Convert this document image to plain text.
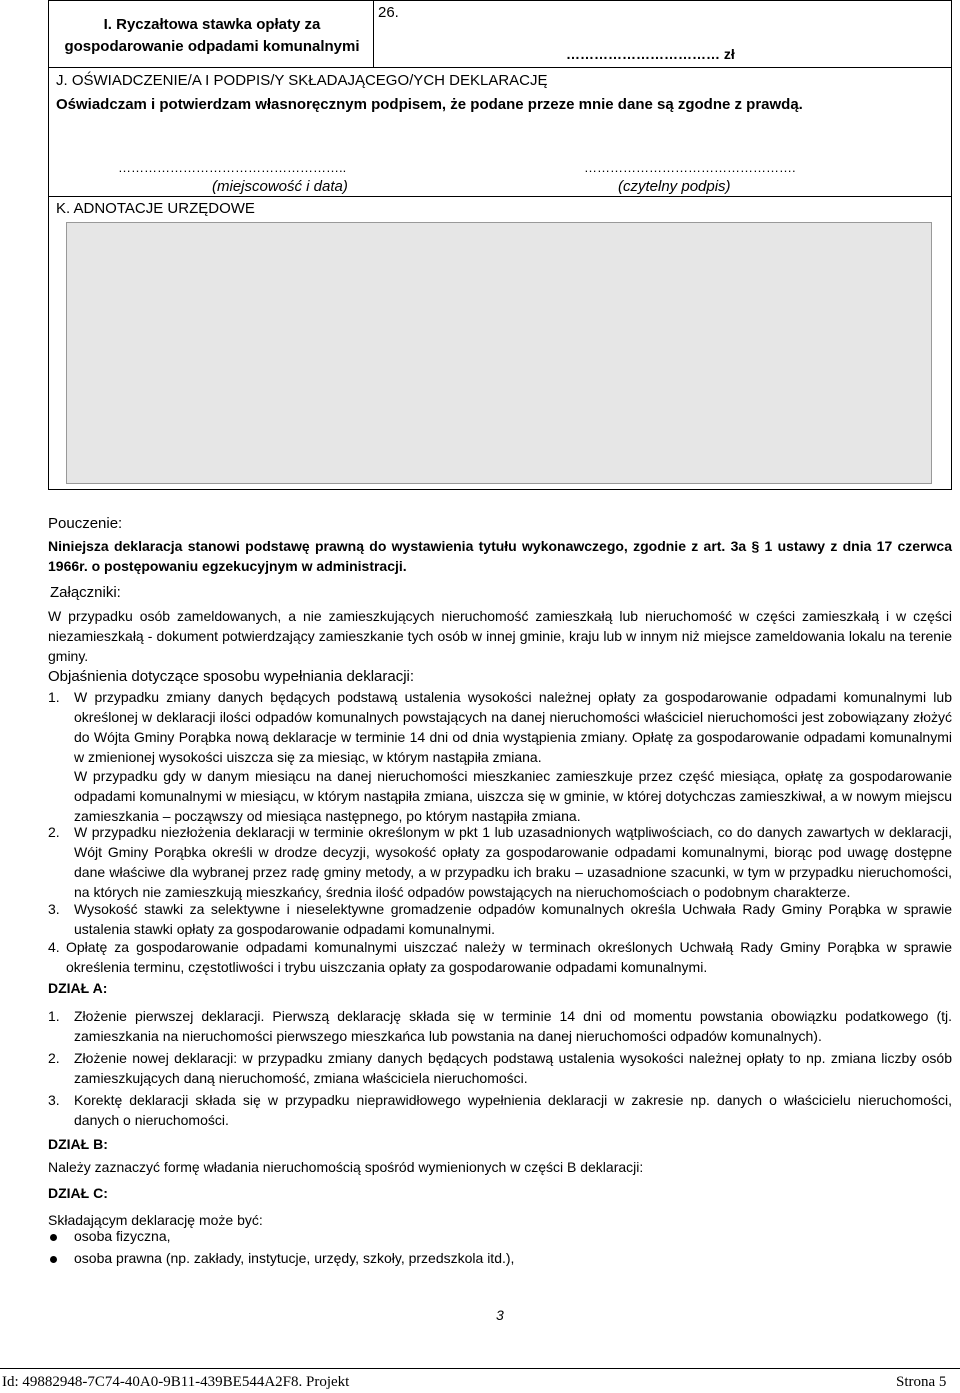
I. Ryczałtowa stawka opłaty za gospodarowanie odpadami komunalnymi
26.
…………………………… zł
J. OŚWIADCZENIE/A I PODPIS/Y SKŁADAJĄCEGO/YCH DEKLARACJĘ
Oświadczam i potwierdzam własnoręcznym podpisem, że podane przeze mnie dane są zgodne z prawdą.
……………………………………………..
(miejscowość i data)
………………………………………….
(czytelny podpis)
K. ADNOTACJE URZĘDOWE
Pouczenie:
Niniejsza deklaracja stanowi podstawę prawną do wystawienia tytułu wykonawczego, zgodnie z art. 3a § 1 ustawy z dnia 17 czerwca 1966r. o postępowaniu egzekucyjnym w administracji.
Załączniki:
W przypadku osób zameldowanych, a nie zamieszkujących nieruchomość zamieszkałą lub nieruchomość w części zamieszkałą i w części niezamieszkałą - dokument potwierdzający zamieszkanie tych osób w innej gminie, kraju lub w innym niż miejsce zameldowania lokalu na terenie gminy.
Objaśnienia dotyczące sposobu wypełniania deklaracji:
1. W przypadku zmiany danych będących podstawą ustalenia wysokości należnej opłaty za gospodarowanie odpadami komunalnymi lub określonej w deklaracji ilości odpadów komunalnych powstających na danej nieruchomości właściciel nieruchomości jest zobowiązany złożyć do Wójta Gminy Porąbka nową deklaracje w terminie 14 dni od dnia wystąpienia zmiany. Opłatę za gospodarowanie odpadami komunalnymi w zmienionej wysokości uiszcza się za miesiąc, w którym nastąpiła zmiana.
W przypadku gdy w danym miesiącu na danej nieruchomości mieszkaniec zamieszkuje przez część miesiąca, opłatę za gospodarowanie odpadami komunalnymi w miesiącu, w którym nastąpiła zmiana, uiszcza się w gminie, w której dotychczas zamieszkiwał, a w nowym miejscu zamieszkania – począwszy od miesiąca następnego, po którym nastąpiła zmiana.
2. W przypadku niezłożenia deklaracji w terminie określonym w pkt 1 lub uzasadnionych wątpliwościach, co do danych zawartych w deklaracji, Wójt Gminy Porąbka określi w drodze decyzji, wysokość opłaty za gospodarowanie odpadami komunalnymi, biorąc pod uwagę dostępne dane właściwe dla wybranej przez radę gminy metody, a w przypadku ich braku – uzasadnione szacunki, w tym w przypadku nieruchomości, na których nie zamieszkują mieszkańcy, średnia ilość odpadów powstających na nieruchomościach o podobnym charakterze.
3. Wysokość stawki za selektywne i nieselektywne gromadzenie odpadów komunalnych określa Uchwała Rady Gminy Porąbka w sprawie ustalenia stawki opłaty za gospodarowanie odpadami komunalnymi.
4. Opłatę za gospodarowanie odpadami komunalnymi uiszczać należy w terminach określonych Uchwałą Rady Gminy Porąbka w sprawie określenia terminu, częstotliwości i trybu uiszczania opłaty za gospodarowanie odpadami komunalnymi.
DZIAŁ A:
1. Złożenie pierwszej deklaracji. Pierwszą deklarację składa się w terminie 14 dni od momentu powstania obowiązku podatkowego (tj. zamieszkania na nieruchomości pierwszego mieszkańca lub powstania na danej nieruchomości odpadów komunalnych).
2. Złożenie nowej deklaracji: w przypadku zmiany danych będących podstawą ustalenia wysokości należnej opłaty to np. zmiana liczby osób zamieszkujących daną nieruchomość, zmiana właściciela nieruchomości.
3. Korektę deklaracji składa się w przypadku nieprawidłowego wypełnienia deklaracji w zakresie np. danych o właścicielu nieruchomości, danych o nieruchomości.
DZIAŁ B:
Należy zaznaczyć formę władania nieruchomością spośród wymienionych w części B deklaracji:
DZIAŁ C:
Składającym deklarację może być:
osoba fizyczna,
osoba prawna (np. zakłady, instytucje, urzędy, szkoły, przedszkola itd.),
3
Id: 49882948-7C74-40A0-9B11-439BE544A2F8. Projekt	Strona 5
